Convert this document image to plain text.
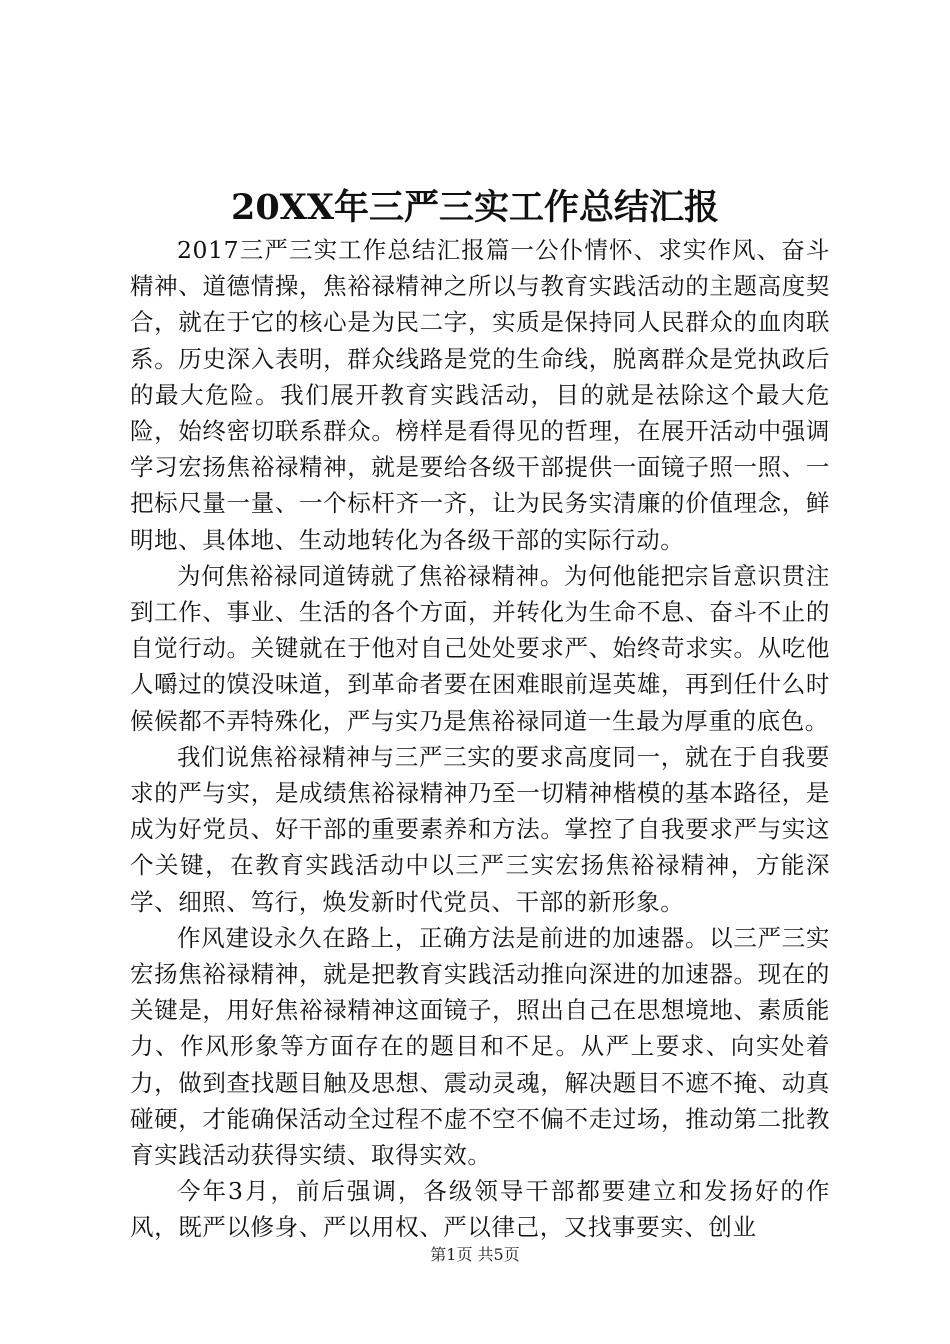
20XX年三严三实工作总结汇报

2017三严三实工作总结汇报篇一公仆情怀、求实作风、奋斗精神、道德情操，焦裕禄精神之所以与教育实践活动的主题高度契合，就在于它的核心是为民二字，实质是保持同人民群众的血肉联系。历史深入表明，群众线路是党的生命线，脱离群众是党执政后的最大危险。我们展开教育实践活动，目的就是祛除这个最大危险，始终密切联系群众。榜样是看得见的哲理，在展开活动中强调学习宏扬焦裕禄精神，就是要给各级干部提供一面镜子照一照、一把标尺量一量、一个标杆齐一齐，让为民务实清廉的价值理念，鲜明地、具体地、生动地转化为各级干部的实际行动。

为何焦裕禄同道铸就了焦裕禄精神。为何他能把宗旨意识贯注到工作、事业、生活的各个方面，并转化为生命不息、奋斗不止的自觉行动。关键就在于他对自己处处要求严、始终苛求实。从吃他人嚼过的馍没味道，到革命者要在困难眼前逞英雄，再到任什么时候候都不弄特殊化，严与实乃是焦裕禄同道一生最为厚重的底色。

我们说焦裕禄精神与三严三实的要求高度同一，就在于自我要求的严与实，是成绩焦裕禄精神乃至一切精神楷模的基本路径，是成为好党员、好干部的重要素养和方法。掌控了自我要求严与实这个关键，在教育实践活动中以三严三实宏扬焦裕禄精神，方能深学、细照、笃行，焕发新时代党员、干部的新形象。

作风建设永久在路上，正确方法是前进的加速器。以三严三实宏扬焦裕禄精神，就是把教育实践活动推向深进的加速器。现在的关键是，用好焦裕禄精神这面镜子，照出自己在思想境地、素质能力、作风形象等方面存在的题目和不足。从严上要求、向实处着力，做到查找题目触及思想、震动灵魂，解决题目不遮不掩、动真碰硬，才能确保活动全过程不虚不空不偏不走过场，推动第二批教育实践活动获得实绩、取得实效。

今年3月，前后强调，各级领导干部都要建立和发扬好的作风，既严以修身、严以用权、严以律己，又找事要实、创业

第1页 共5页
